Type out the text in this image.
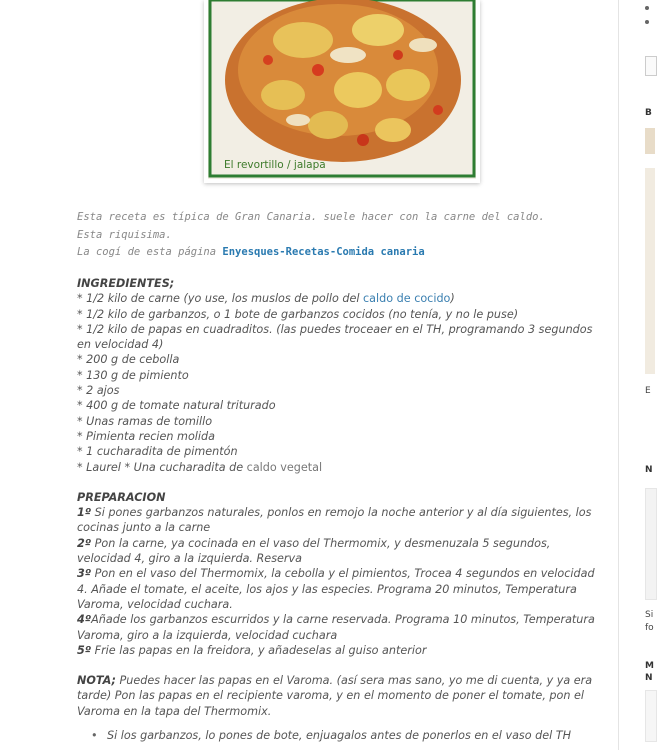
El revortillo / jalapa
Esta receta es típica de Gran Canaria. suele hacer con la carne del caldo.
Esta riquisima.
La cogí de esta página Enyesques-Recetas-Comida canaria

INGREDIENTES;

* 1/2 kilo de carne (yo use, los muslos de pollo del caldo de cocido)

* 1/2 kilo de garbanzos, o 1 bote de garbanzos cocidos (no tenía, y no le puse)

* 1/2 kilo de papas en cuadraditos. (las puedes troceaer en el TH, programando 3 segundos en velocidad 4)

* 200 g de cebolla

* 130 g de pimiento

* 2 ajos

* 400 g de tomate natural triturado

* Unas ramas de tomillo

* Pimienta recien molida

* 1 cucharadita de pimentón

* Laurel * Una cucharadita de caldo vegetal

PREPARACION

1º Si pones garbanzos naturales, ponlos en remojo la noche anterior y al día siguientes, los cocinas junto a la carne

2º Pon la carne, ya cocinada en el vaso del Thermomix, y desmenuzala 5 segundos, velocidad 4, giro a la izquierda. Reserva

3º Pon en el vaso del Thermomix, la cebolla y el pimientos, Trocea 4 segundos en velocidad 4. Añade el tomate, el aceite, los ajos y las especies. Programa 20 minutos, Temperatura Varoma, velocidad cuchara.

4ºAñade los garbanzos escurridos y la carne reservada. Programa 10 minutos, Temperatura Varoma, giro a la izquierda, velocidad cuchara

5º Frie las papas en la freidora, y añadeselas al guiso anterior

NOTA; Puedes hacer las papas en el Varoma. (así sera mas sano, yo me di cuenta, y ya era tarde) Pon las papas en el recipiente varoma, y en el momento de poner el tomate, pon el Varoma en la tapa del Thermomix.

• Si los garbanzos, lo pones de bote, enjuagalos antes de ponerlos en el vaso del TH
B
E
N
Si
fo
M
N
